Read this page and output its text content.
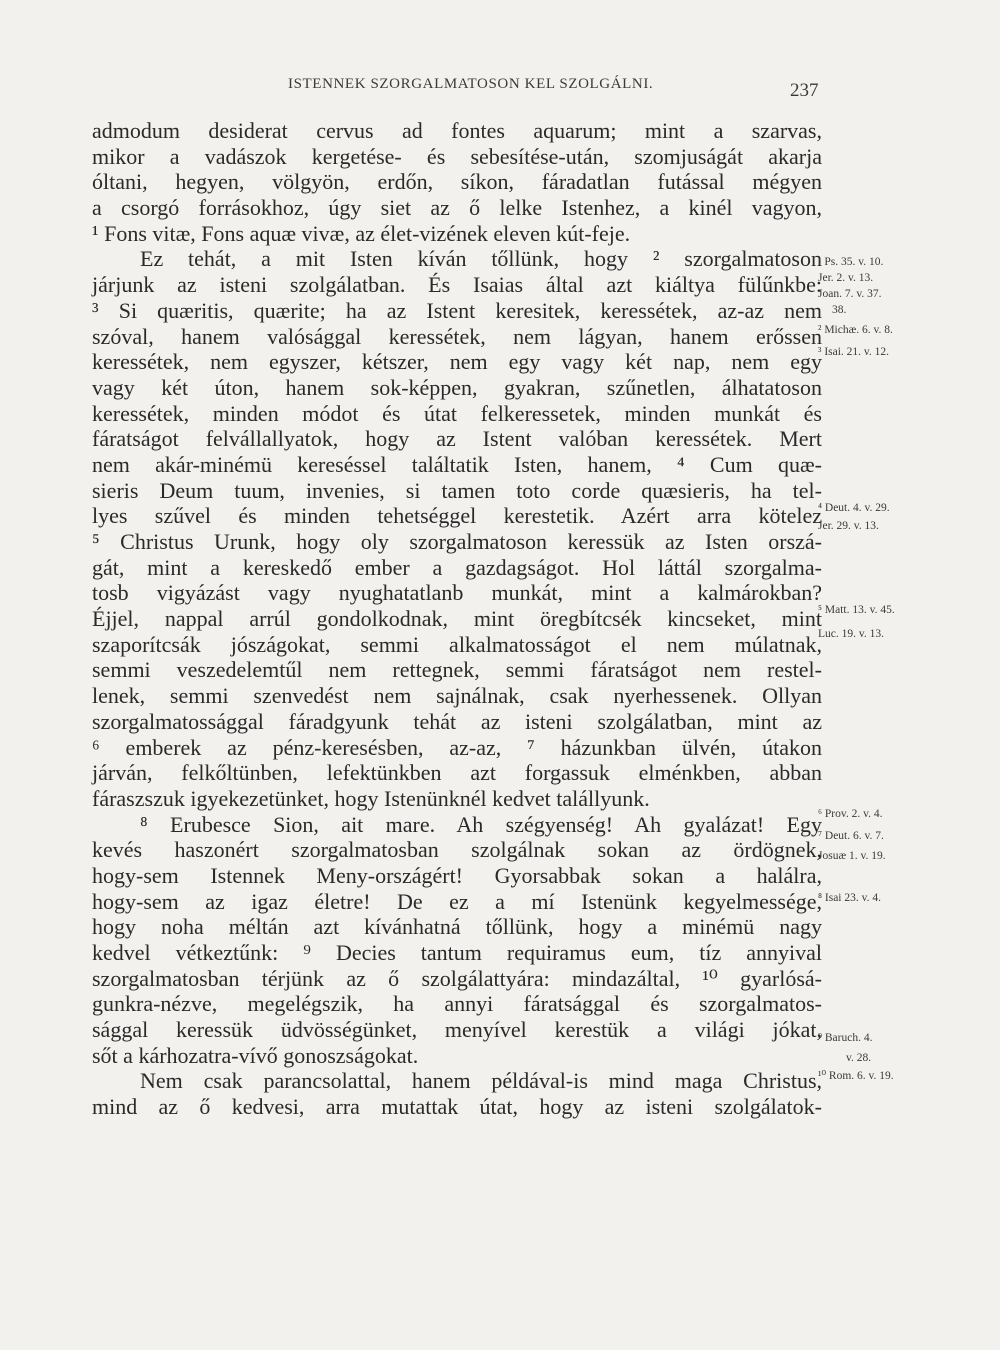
ISTENNEK SZORGALMATOSON KEL SZOLGÁLNI.	237
admodum desiderat cervus ad fontes aquarum; mint a szarvas,
mikor a vadászok kergetése- és sebesítése-után, szomjuságát akarja
óltani, hegyen, völgyön, erdőn, síkon, fáradatlan futással mégyen
a csorgó forrásokhoz, úgy siet az ő lelke Istenhez, a kinél vagyon,
¹ Fons vitæ, Fons aquæ vivæ, az élet-vizének eleven kút-feje.
Ez tehát, a mit Isten kíván tőllünk, hogy ² szorgalmatoson
járjunk az isteni szolgálatban. És Isaias által azt kiáltya fülűnkbe:
³ Si quæritis, quærite; ha az Istent keresitek, keressétek, az-az nem
szóval, hanem valósággal keressétek, nem lágyan, hanem erőssen
keressétek, nem egyszer, kétszer, nem egy vagy két nap, nem egy
vagy két úton, hanem sok-képpen, gyakran, szűnetlen, álhatatoson
keressétek, minden módot és útat felkeressetek, minden munkát és
fáratságot felvállallyatok, hogy az Istent valóban keressétek. Mert
nem akár-minémü kereséssel találtatik Isten, hanem, ⁴ Cum quæ-
sieris Deum tuum, invenies, si tamen toto corde quæsieris, ha tel-
lyes szűvel és minden tehetséggel kerestetik. Azért arra kötelez
⁵ Christus Urunk, hogy oly szorgalmatoson keressük az Isten orszá-
gát, mint a kereskedő ember a gazdagságot. Hol láttál szorgalma-
tosb vigyázást vagy nyughatatlanb munkát, mint a kalmárokban?
Éjjel, nappal arrúl gondolkodnak, mint öregbítcsék kincseket, mint
szaporítcsák jószágokat, semmi alkalmatosságot el nem múlatnak,
semmi veszedelemtűl nem rettegnek, semmi fáratságot nem restel-
lenek, semmi szenvedést nem sajnálnak, csak nyerhessenek. Ollyan
szorgalmatossággal fáradgyunk tehát az isteni szolgálatban, mint az
⁶ emberek az pénz-keresésben, az-az, ⁷ házunkban ülvén, útakon
járván, felkőltünben, lefektünkben azt forgassuk elménkben, abban
fáraszszuk igyekezetünket, hogy Istenünknél kedvet talállyunk.
⁸ Erubesce Sion, ait mare. Ah szégyenség! Ah gyalázat! Egy
kevés haszonért szorgalmatosban szolgálnak sokan az ördögnek,
hogy-sem Istennek Meny-országért! Gyorsabbak sokan a halálra,
hogy-sem az igaz életre! De ez a mí Istenünk kegyelmessége,
hogy noha méltán azt kívánhatná tőllünk, hogy a minémü nagy
kedvel vétkeztűnk: ⁹ Decies tantum requiramus eum, tíz annyival
szorgalmatosban térjünk az ő szolgálattyára: mindazáltal, ¹⁰ gyarlósá-
gunkra-nézve, megelégszik, ha annyi fáratsággal és szorgalmatos-
sággal keressük üdvösségünket, menyível kerestük a világi jókat,
sőt a kárhozatra-vívő gonoszságokat.
Nem csak parancsolattal, hanem példával-is mind maga Christus,
mind az ő kedvesi, arra mutattak útat, hogy az isteni szolgálatok-
¹ Ps. 35. v. 10.
Jer. 2. v. 13.
Joan. 7. v. 37.
38.
² Michæ. 6. v. 8.
³ Isai. 21. v. 12.
⁴ Deut. 4. v. 29.
Jer. 29. v. 13.
⁵ Matt. 13. v. 45.
Luc. 19. v. 13.
⁶ Prov. 2. v. 4.
⁷ Deut. 6. v. 7.
Josuæ 1. v. 19.
⁸ Isai 23. v. 4.
⁹ Baruch. 4.
v. 28.
¹⁰ Rom. 6. v. 19.
